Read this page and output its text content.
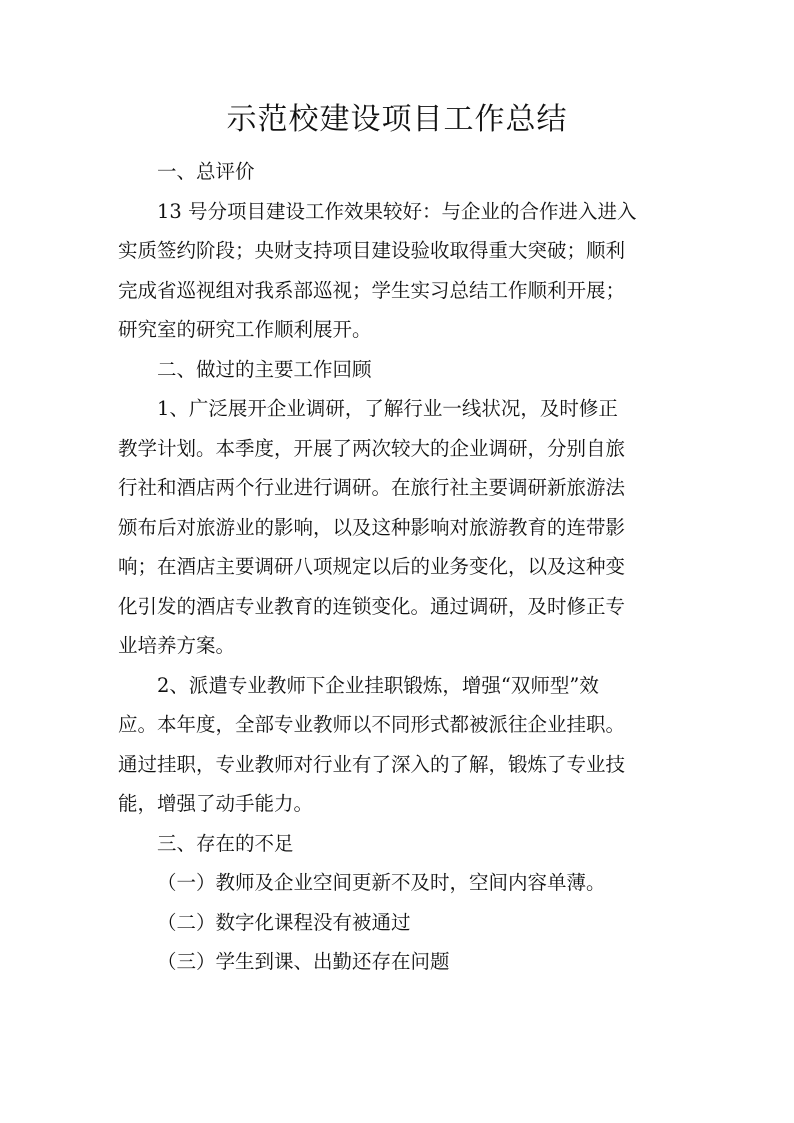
示范校建设项目工作总结

一、总评价

13 号分项目建设工作效果较好：与企业的合作进入进入
实质签约阶段；央财支持项目建设验收取得重大突破；顺利
完成省巡视组对我系部巡视；学生实习总结工作顺利开展；
研究室的研究工作顺利展开。

二、做过的主要工作回顾

1、广泛展开企业调研，了解行业一线状况，及时修正
教学计划。本季度，开展了两次较大的企业调研，分别自旅
行社和酒店两个行业进行调研。在旅行社主要调研新旅游法
颁布后对旅游业的影响，以及这种影响对旅游教育的连带影
响；在酒店主要调研八项规定以后的业务变化，以及这种变
化引发的酒店专业教育的连锁变化。通过调研，及时修正专
业培养方案。

2、派遣专业教师下企业挂职锻炼，增强“双师型”效
应。本年度，全部专业教师以不同形式都被派往企业挂职。
通过挂职，专业教师对行业有了深入的了解，锻炼了专业技
能，增强了动手能力。

三、存在的不足

（一）教师及企业空间更新不及时，空间内容单薄。

（二）数字化课程没有被通过

（三）学生到课、出勤还存在问题
